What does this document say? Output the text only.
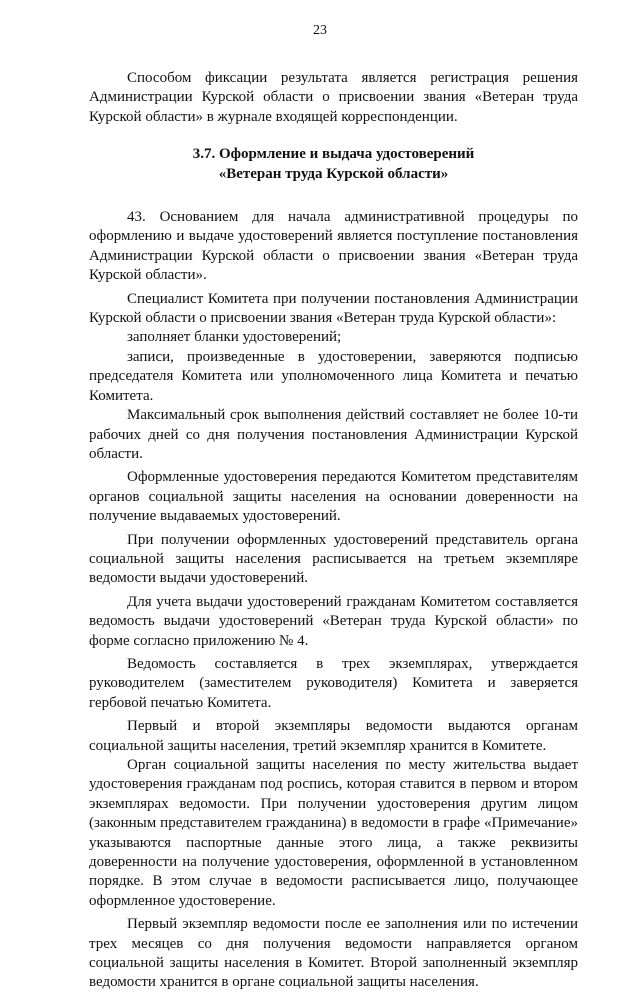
23

Способом фиксации результата является регистрация решения Администрации Курской области о присвоении звания «Ветеран труда Курской области» в журнале входящей корреспонденции.

3.7. Оформление и выдача удостоверений
«Ветеран труда Курской области»

43. Основанием для начала административной процедуры по оформлению и выдаче удостоверений является поступление постановления Администрации Курской области о присвоении звания «Ветеран труда Курской области».

Специалист Комитета при получении постановления Администрации Курской области о присвоении звания «Ветеран труда Курской области»:

заполняет бланки удостоверений;

записи, произведенные в удостоверении, заверяются подписью председателя Комитета или уполномоченного лица Комитета и печатью Комитета.

Максимальный срок выполнения действий составляет не более 10-ти рабочих дней со дня получения постановления Администрации Курской области.

Оформленные удостоверения передаются Комитетом представителям органов социальной защиты населения на основании доверенности на получение выдаваемых удостоверений.

При получении оформленных удостоверений представитель органа социальной защиты населения расписывается на третьем экземпляре ведомости выдачи удостоверений.

Для учета выдачи удостоверений гражданам Комитетом составляется ведомость выдачи удостоверений «Ветеран труда Курской области» по форме согласно приложению № 4.

Ведомость составляется в трех экземплярах, утверждается руководителем (заместителем руководителя) Комитета и заверяется гербовой печатью Комитета.

Первый и второй экземпляры ведомости выдаются органам социальной защиты населения, третий экземпляр хранится в Комитете.

Орган социальной защиты населения по месту жительства выдает удостоверения гражданам под роспись, которая ставится в первом и втором экземплярах ведомости. При получении удостоверения другим лицом (законным представителем гражданина) в ведомости в графе «Примечание» указываются паспортные данные этого лица, а также реквизиты доверенности на получение удостоверения, оформленной в установленном порядке. В этом случае в ведомости расписывается лицо, получающее оформленное удостоверение.

Первый экземпляр ведомости после ее заполнения или по истечении трех месяцев со дня получения ведомости направляется органом социальной защиты населения в Комитет. Второй заполненный экземпляр ведомости хранится в органе социальной защиты населения.
